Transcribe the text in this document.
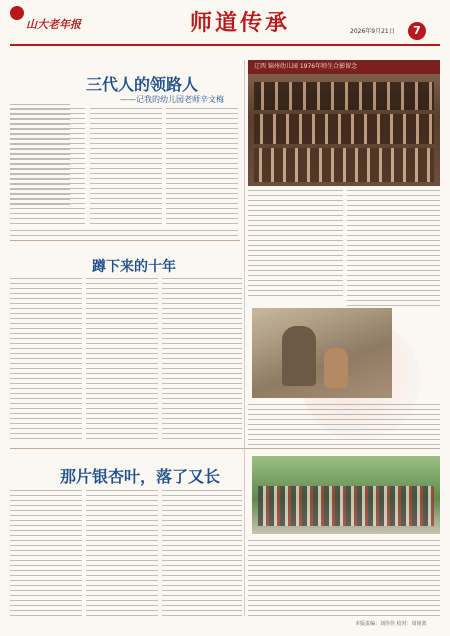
山大老年报	师道传承	2026年9月21日	7
三代人的领路人
——记我的幼儿园老师辛文梅
辽西 锦州幼儿园 1976年师生合影留念
蹲下来的十年
那片银杏叶，落了又长
本版责编：刘佳佳 校对：周铭蓝
